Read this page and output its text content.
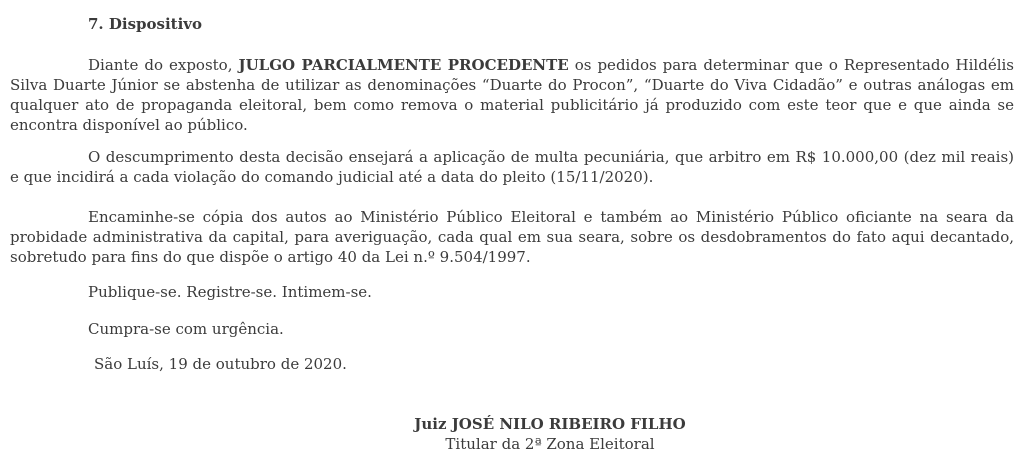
7. Dispositivo

Diante do exposto, JULGO PARCIALMENTE PROCEDENTE os pedidos para determinar que o Representado Hildélis Silva Duarte Júnior se abstenha de utilizar as denominações “Duarte do Procon”, “Duarte do Viva Cidadão” e outras análogas em qualquer ato de propaganda eleitoral, bem como remova o material publicitário já produzido com este teor que e que ainda se encontra disponível ao público.

O descumprimento desta decisão ensejará a aplicação de multa pecuniária, que arbitro em R$ 10.000,00 (dez mil reais) e que incidirá a cada violação do comando judicial até a data do pleito (15/11/2020).

Encaminhe-se cópia dos autos ao Ministério Público Eleitoral e também ao Ministério Público oficiante na seara da probidade administrativa da capital, para averiguação, cada qual em sua seara, sobre os desdobramentos do fato aqui decantado, sobretudo para fins do que dispõe o artigo 40 da Lei n.º 9.504/1997.

Publique-se. Registre-se. Intimem-se.

Cumpra-se com urgência.

São Luís, 19 de outubro de 2020.

Juiz JOSÉ NILO RIBEIRO FILHO
Titular da 2ª Zona Eleitoral
